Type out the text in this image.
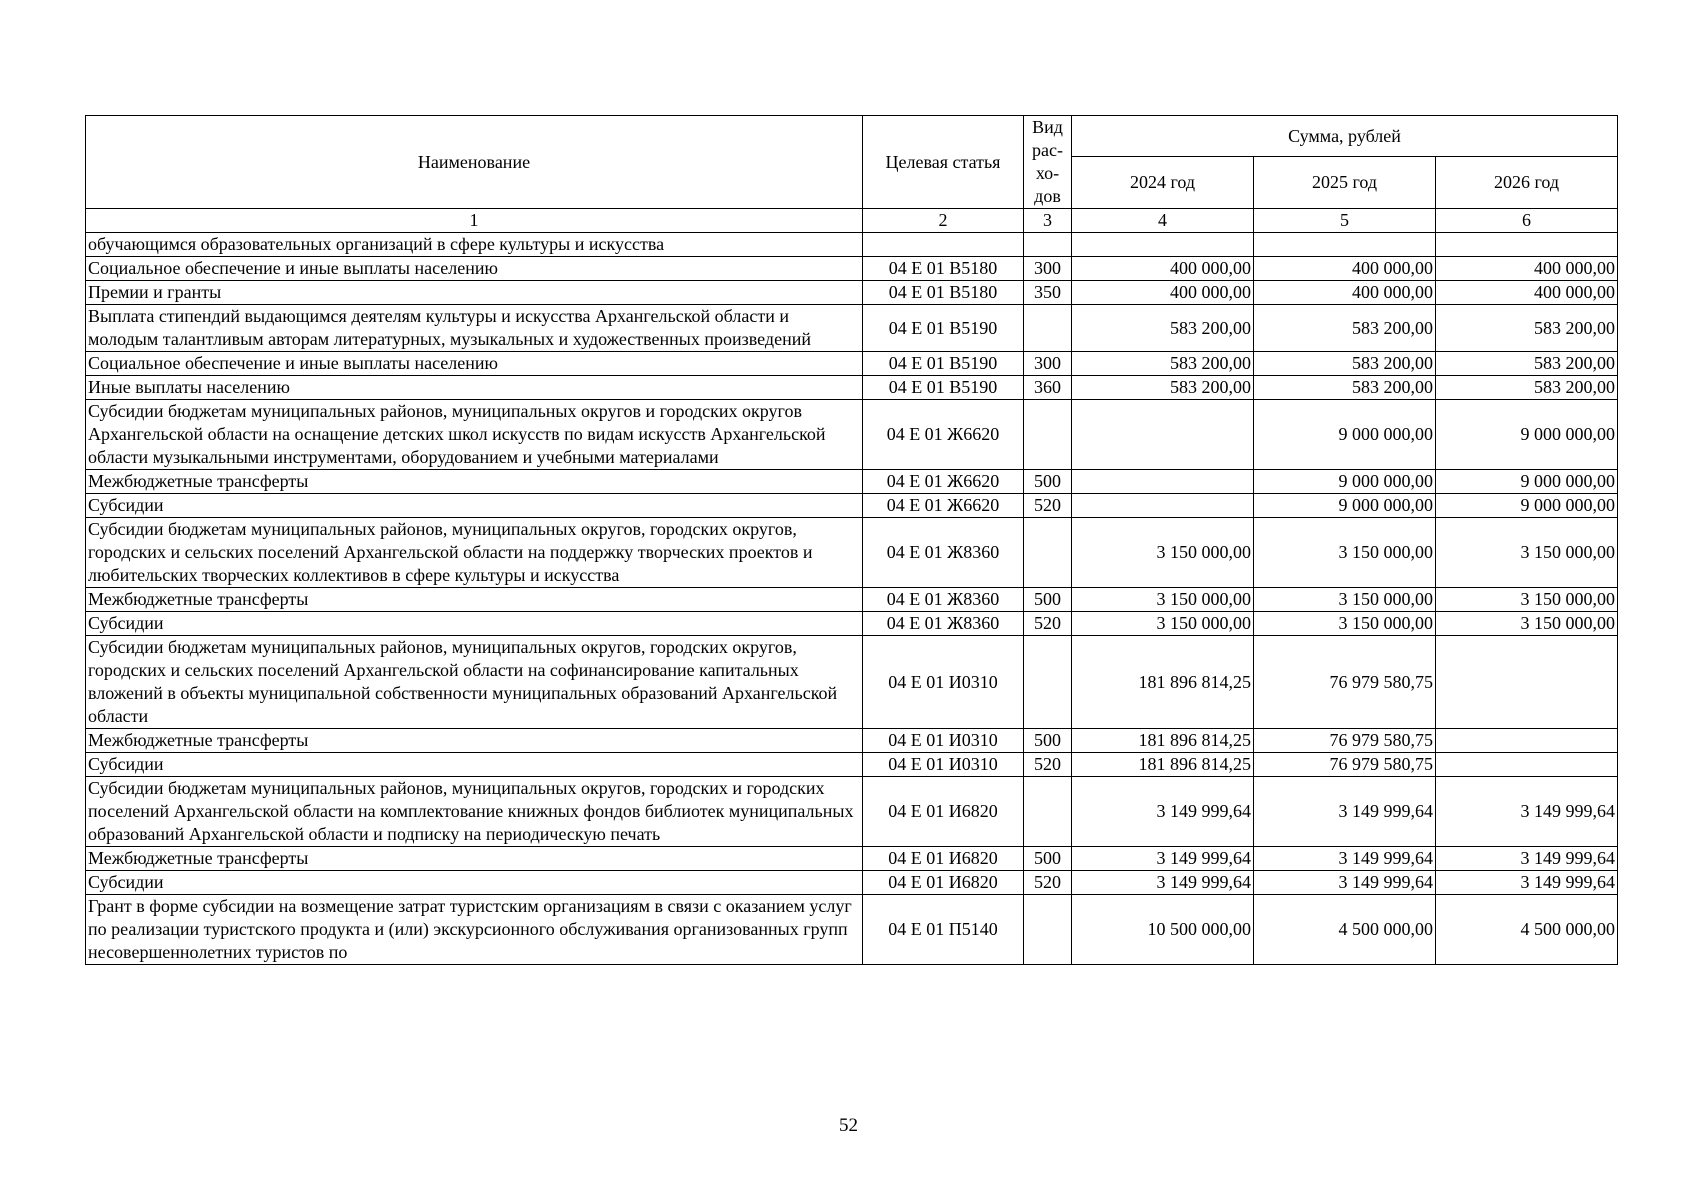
Наименование	Целевая статья	Вид рас-хо-дов	Сумма, рублей		
			2024 год	2025 год	2026 год
1	2	3	4	5	6
обучающимся образовательных организаций в сфере культуры и искусства					
Социальное обеспечение и иные выплаты населению	04 Е 01 В5180	300	400 000,00	400 000,00	400 000,00
Премии и гранты	04 Е 01 В5180	350	400 000,00	400 000,00	400 000,00
Выплата стипендий выдающимся деятелям культуры и искусства Архангельской области и молодым талантливым авторам литературных, музыкальных и художественных произведений	04 Е 01 В5190		583 200,00	583 200,00	583 200,00
Социальное обеспечение и иные выплаты населению	04 Е 01 В5190	300	583 200,00	583 200,00	583 200,00
Иные выплаты населению	04 Е 01 В5190	360	583 200,00	583 200,00	583 200,00
Субсидии бюджетам муниципальных районов, муниципальных округов и городских округов Архангельской области на оснащение детских школ искусств по видам искусств Архангельской области музыкальными инструментами, оборудованием и учебными материалами	04 Е 01 Ж6620			9 000 000,00	9 000 000,00
Межбюджетные трансферты	04 Е 01 Ж6620	500		9 000 000,00	9 000 000,00
Субсидии	04 Е 01 Ж6620	520		9 000 000,00	9 000 000,00
Субсидии бюджетам муниципальных районов, муниципальных округов, городских округов, городских и сельских поселений Архангельской области на поддержку творческих проектов и любительских творческих коллективов в сфере культуры и искусства	04 Е 01 Ж8360		3 150 000,00	3 150 000,00	3 150 000,00
Межбюджетные трансферты	04 Е 01 Ж8360	500	3 150 000,00	3 150 000,00	3 150 000,00
Субсидии	04 Е 01 Ж8360	520	3 150 000,00	3 150 000,00	3 150 000,00
Субсидии бюджетам муниципальных районов, муниципальных округов, городских округов, городских и сельских поселений Архангельской области на софинансирование капитальных вложений в объекты муниципальной собственности муниципальных образований Архангельской области	04 Е 01 И0310		181 896 814,25	76 979 580,75	
Межбюджетные трансферты	04 Е 01 И0310	500	181 896 814,25	76 979 580,75	
Субсидии	04 Е 01 И0310	520	181 896 814,25	76 979 580,75	
Субсидии бюджетам муниципальных районов, муниципальных округов, городских и городских поселений Архангельской области на комплектование книжных фондов библиотек муниципальных образований Архангельской области и подписку на периодическую печать	04 Е 01 И6820		3 149 999,64	3 149 999,64	3 149 999,64
Межбюджетные трансферты	04 Е 01 И6820	500	3 149 999,64	3 149 999,64	3 149 999,64
Субсидии	04 Е 01 И6820	520	3 149 999,64	3 149 999,64	3 149 999,64
Грант в форме субсидии на возмещение затрат туристским организациям в связи с оказанием услуг по реализации туристского продукта и (или) экскурсионного обслуживания организованных групп несовершеннолетних туристов по	04 Е 01 П5140		10 500 000,00	4 500 000,00	4 500 000,00
52
